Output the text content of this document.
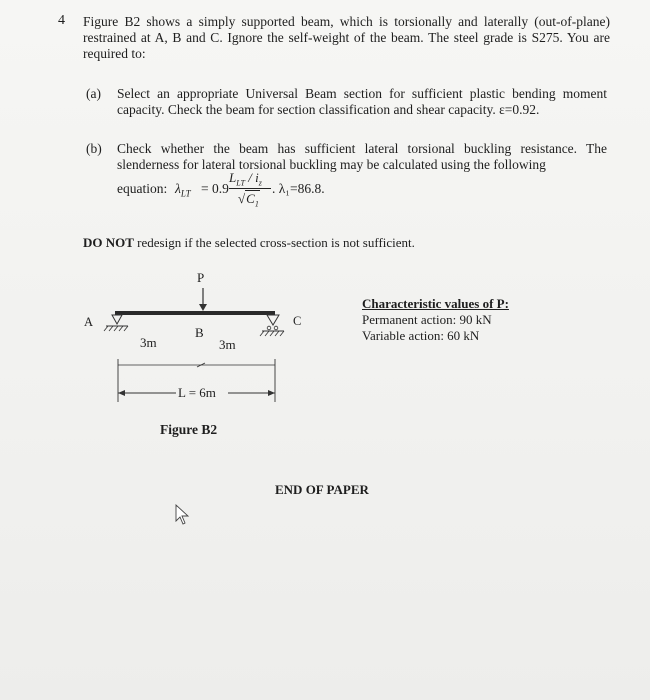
4 Figure B2 shows a simply supported beam, which is torsionally and laterally (out-of-plane) restrained at A, B and C. Ignore the self-weight of the beam. The steel grade is S275. You are required to:
(a) Select an appropriate Universal Beam section for sufficient plastic bending moment capacity. Check the beam for section classification and shear capacity. ε=0.92.
(b) Check whether the beam has sufficient lateral torsional buckling resistance. The slenderness for lateral torsional buckling may be calculated using the following
equation: $\lambda_{LT} = 0.9$
$L_{LT} / i_z$
$√C_1$
. λ₁=86.8.
DO NOT redesign if the selected cross-section is not sufficient.
P
A
B
C
3m	3m
L = 6m
Figure B2
Characteristic values of P:
Permanent action: 90 kN
Variable action: 60 kN
END OF PAPER
